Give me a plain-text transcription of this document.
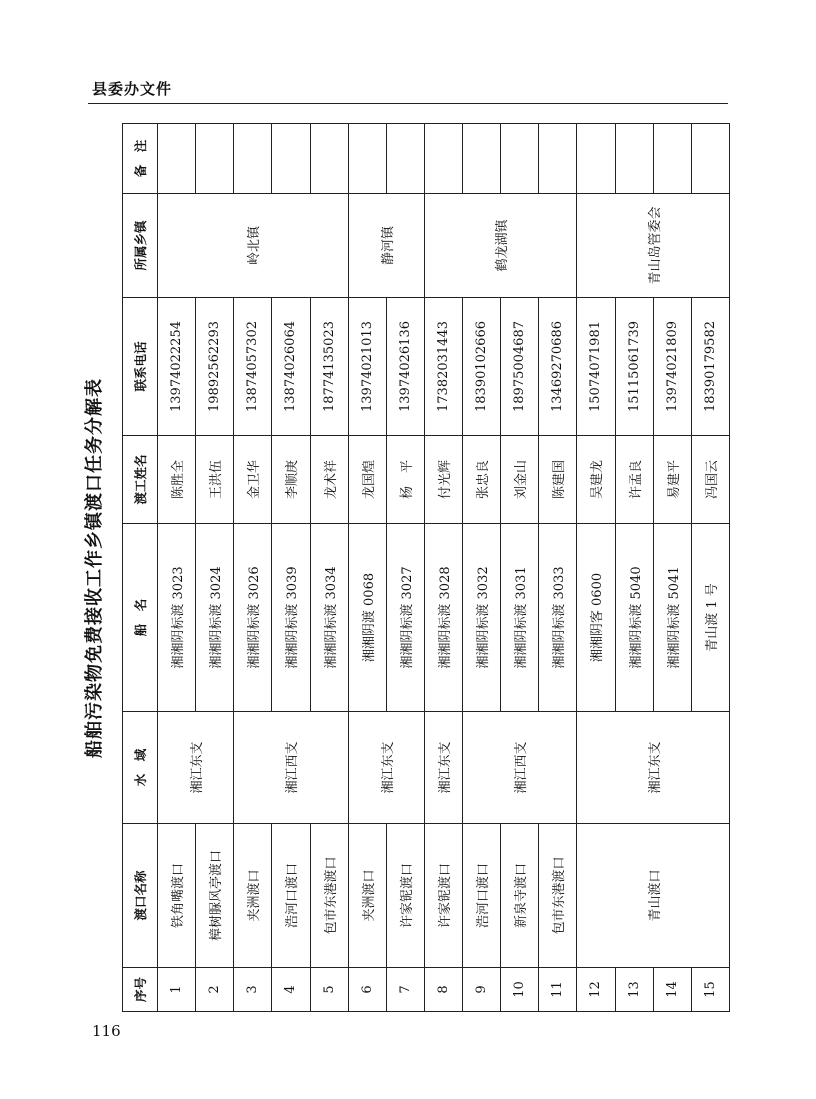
县委办文件
116
船舶污染物免费接收工作乡镇渡口任务分解表
序号	渡口名称	水　域	船　名	渡工姓名	联系电话	所属乡镇	备　注
1	铁角嘴渡口	湘江东支	湘湘阴标渡 3023	陈胜全	13974022254	岭北镇	
2	樟树脲风亭渡口		湘湘阴标渡 3024	王洪伍	19892562293		
3	夹洲渡口	湘江西支	湘湘阴标渡 3026	金卫华	13874057302		
4	浩河口渡口		湘湘阴标渡 3039	李顺庚	13874026064		
5	包市东港渡口		湘湘阴标渡 3034	龙术祥	18774135023		
6	夹洲渡口	湘江东支	湘湘阴渡 0068	龙国煌	13974021013	静河镇	
7	许家铌渡口		湘湘阴标渡 3027	杨　平	13974026136		
8	许家铌渡口	湘江东支	湘湘阴标渡 3028	付光辉	17382031443	鹤龙湖镇	
9	浩河口渡口	湘江西支	湘湘阴标渡 3032	张忠良	18390102666		
10	新泉寺渡口		湘湘阴标渡 3031	刘金山	18975004687		
11	包市东港渡口		湘湘阴标渡 3033	陈建国	13469270686		
12	青山渡口	湘江东支	湘湘阴客 0600	吴建龙	15074071981	青山岛管委会	
13			湘湘阴标渡 5040	许孟良	15115061739		
14			湘湘阴标渡 5041	易建平	13974021809		
15			青山渡 1 号	冯国云	18390179582		
